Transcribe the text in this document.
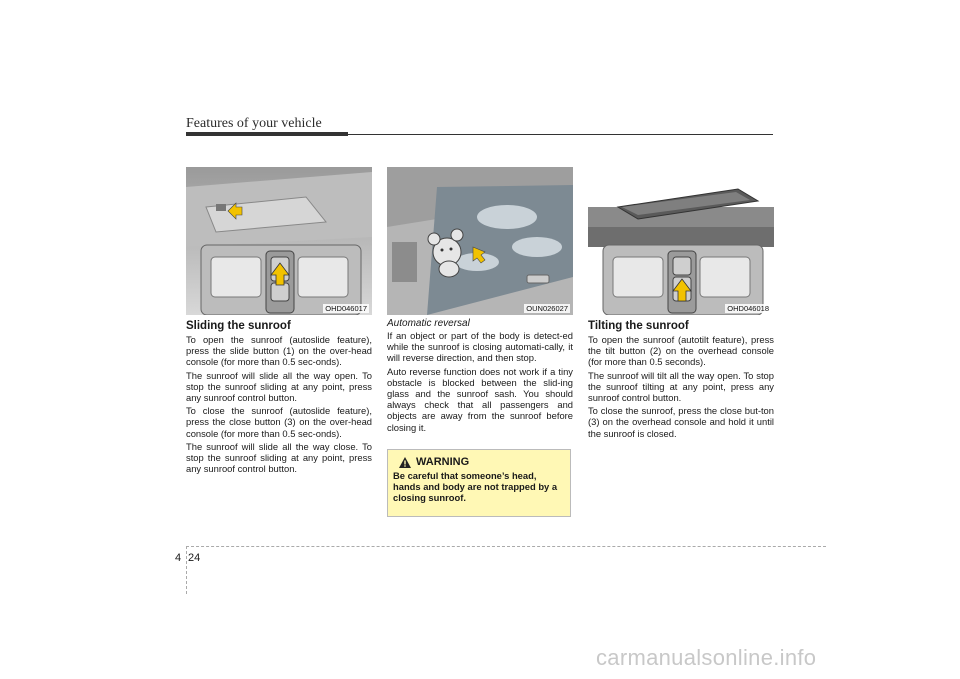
Features of your vehicle
OHD046017
Sliding the sunroof

To open the sunroof (autoslide feature), press the slide button (1) on the over-head console (for more than 0.5 sec-onds).

The sunroof will slide all the way open. To stop the sunroof sliding at any point, press any sunroof control button.

To close the sunroof (autoslide feature), press the close button (3) on the over-head console (for more than 0.5 sec-onds).

The sunroof will slide all the way close. To stop the sunroof sliding at any point, press any sunroof control button.

OUN026027
Automatic reversal

If an object or part of the body is detect-ed while the sunroof is closing automati-cally, it will reverse direction, and then stop.

Auto reverse function does not work if a tiny obstacle is blocked between the slid-ing glass and the sunroof sash. You should always check that all passengers and objects are away from the sunroof before closing it.

WARNING
Be careful that someone’s head, hands and body are not trapped by a closing sunroof.
OHD046018
Tilting the sunroof

To open the sunroof (autotilt feature), press the tilt button (2) on the overhead console (for more than 0.5 seconds).

The sunroof will tilt all the way open. To stop the sunroof tilting at any point, press any sunroof control button.

To close the sunroof, press the close but-ton (3) on the overhead console and hold it until the sunroof is closed.

4 24
carmanualsonline.info
